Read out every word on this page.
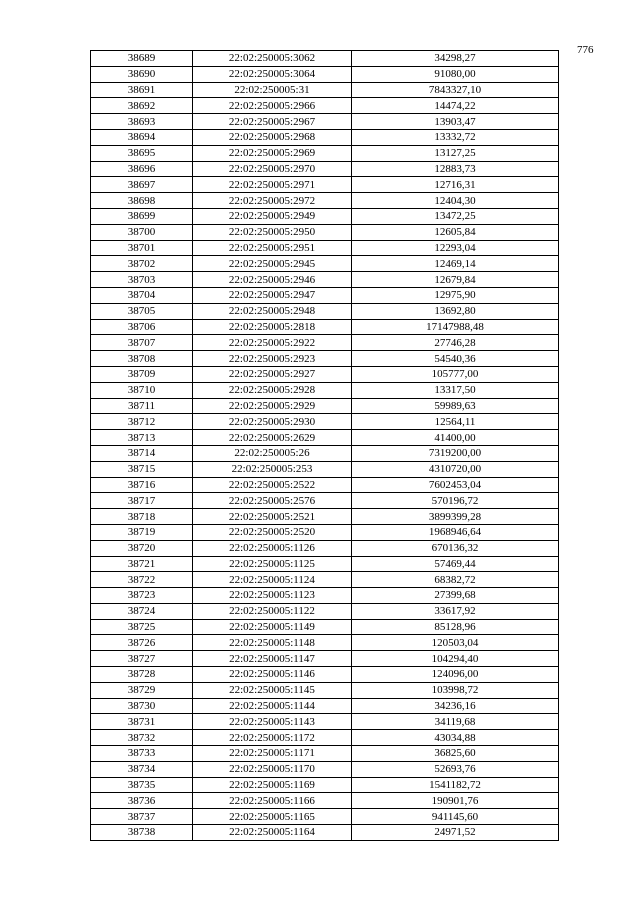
776
38689	22:02:250005:3062	34298,27
38690	22:02:250005:3064	91080,00
38691	22:02:250005:31	7843327,10
38692	22:02:250005:2966	14474,22
38693	22:02:250005:2967	13903,47
38694	22:02:250005:2968	13332,72
38695	22:02:250005:2969	13127,25
38696	22:02:250005:2970	12883,73
38697	22:02:250005:2971	12716,31
38698	22:02:250005:2972	12404,30
38699	22:02:250005:2949	13472,25
38700	22:02:250005:2950	12605,84
38701	22:02:250005:2951	12293,04
38702	22:02:250005:2945	12469,14
38703	22:02:250005:2946	12679,84
38704	22:02:250005:2947	12975,90
38705	22:02:250005:2948	13692,80
38706	22:02:250005:2818	17147988,48
38707	22:02:250005:2922	27746,28
38708	22:02:250005:2923	54540,36
38709	22:02:250005:2927	105777,00
38710	22:02:250005:2928	13317,50
38711	22:02:250005:2929	59989,63
38712	22:02:250005:2930	12564,11
38713	22:02:250005:2629	41400,00
38714	22:02:250005:26	7319200,00
38715	22:02:250005:253	4310720,00
38716	22:02:250005:2522	7602453,04
38717	22:02:250005:2576	570196,72
38718	22:02:250005:2521	3899399,28
38719	22:02:250005:2520	1968946,64
38720	22:02:250005:1126	670136,32
38721	22:02:250005:1125	57469,44
38722	22:02:250005:1124	68382,72
38723	22:02:250005:1123	27399,68
38724	22:02:250005:1122	33617,92
38725	22:02:250005:1149	85128,96
38726	22:02:250005:1148	120503,04
38727	22:02:250005:1147	104294,40
38728	22:02:250005:1146	124096,00
38729	22:02:250005:1145	103998,72
38730	22:02:250005:1144	34236,16
38731	22:02:250005:1143	34119,68
38732	22:02:250005:1172	43034,88
38733	22:02:250005:1171	36825,60
38734	22:02:250005:1170	52693,76
38735	22:02:250005:1169	1541182,72
38736	22:02:250005:1166	190901,76
38737	22:02:250005:1165	941145,60
38738	22:02:250005:1164	24971,52
